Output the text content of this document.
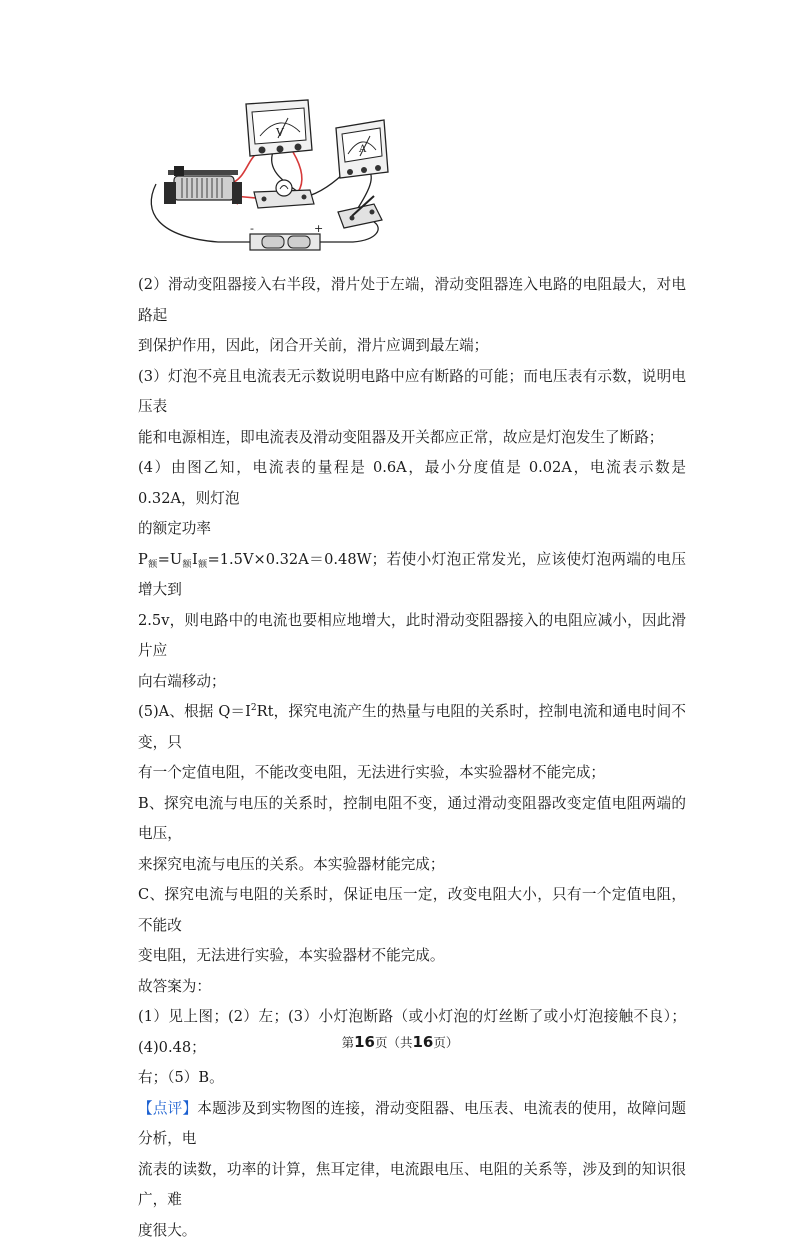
V
A
-	+

(2）滑动变阻器接入右半段，滑片处于左端，滑动变阻器连入电路的电阻最大，对电路起

到保护作用，因此，闭合开关前，滑片应调到最左端；

(3）灯泡不亮且电流表无示数说明电路中应有断路的可能；而电压表有示数，说明电压表

能和电源相连，即电流表及滑动变阻器及开关都应正常，故应是灯泡发生了断路；

(4）由图乙知，电流表的量程是 0.6A，最小分度值是 0.02A，电流表示数是 0.32A，则灯泡

的额定功率

$P_额=U_额I_额=1.5V\times 0.32A=0.48W$；若使小灯泡正常发光，应该使灯泡两端的电压增大到

2.5v，则电路中的电流也要相应地增大，此时滑动变阻器接入的电阻应减小，因此滑片应

向右端移动；

(5)A、根据 $Q=I^2Rt$，探究电流产生的热量与电阻的关系时，控制电流和通电时间不变，只

有一个定值电阻，不能改变电阻，无法进行实验，本实验器材不能完成；

B、探究电流与电压的关系时，控制电阻不变，通过滑动变阻器改变定值电阻两端的电压，

来探究电流与电压的关系。本实验器材能完成；

C、探究电流与电阻的关系时，保证电压一定，改变电阻大小，只有一个定值电阻，不能改

变电阻，无法进行实验，本实验器材不能完成。

故答案为：

(1）见上图；(2）左；(3）小灯泡断路（或小灯泡的灯丝断了或小灯泡接触不良）；(4)0.48；

右；（5）B。

【点评】本题涉及到实物图的连接，滑动变阻器、电压表、电流表的使用，故障问题分析，电

流表的读数，功率的计算，焦耳定律，电流跟电压、电阻的关系等，涉及到的知识很广，难

度很大。

第16页（共16页）
